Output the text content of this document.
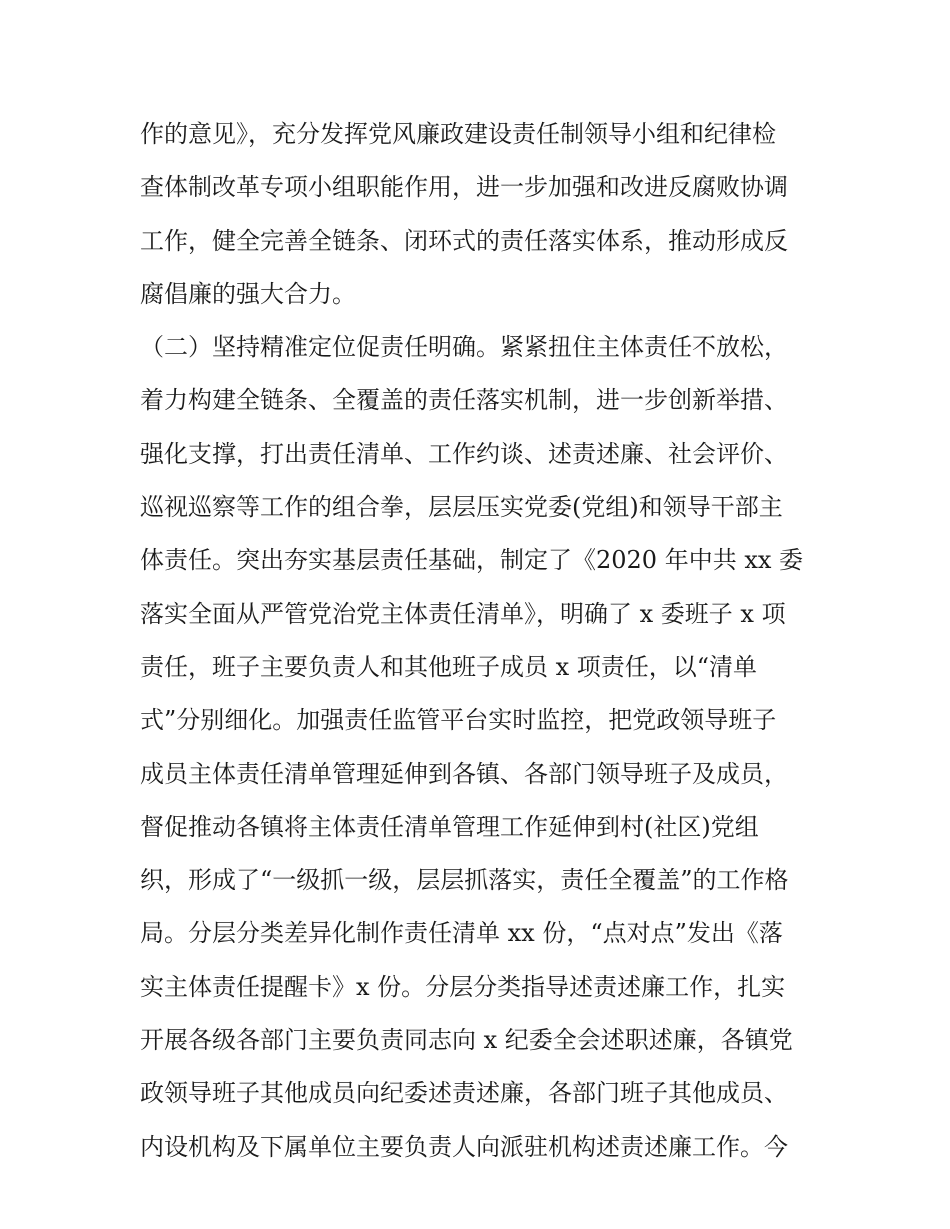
作的意见》，充分发挥党风廉政建设责任制领导小组和纪律检
查体制改革专项小组职能作用，进一步加强和改进反腐败协调
工作，健全完善全链条、闭环式的责任落实体系，推动形成反
腐倡廉的强大合力。
（二）坚持精准定位促责任明确。紧紧扭住主体责任不放松，
着力构建全链条、全覆盖的责任落实机制，进一步创新举措、
强化支撑，打出责任清单、工作约谈、述责述廉、社会评价、
巡视巡察等工作的组合拳，层层压实党委(党组)和领导干部主
体责任。突出夯实基层责任基础，制定了《2020 年中共 xx 委
落实全面从严管党治党主体责任清单》，明确了 x 委班子 x 项
责任，班子主要负责人和其他班子成员 x 项责任，以“清单
式”分别细化。加强责任监管平台实时监控，把党政领导班子
成员主体责任清单管理延伸到各镇、各部门领导班子及成员，
督促推动各镇将主体责任清单管理工作延伸到村(社区)党组
织，形成了“一级抓一级，层层抓落实，责任全覆盖”的工作格
局。分层分类差异化制作责任清单 xx 份，“点对点”发出《落
实主体责任提醒卡》x 份。分层分类指导述责述廉工作，扎实
开展各级各部门主要负责同志向 x 纪委全会述职述廉，各镇党
政领导班子其他成员向纪委述责述廉，各部门班子其他成员、
内设机构及下属单位主要负责人向派驻机构述责述廉工作。今
